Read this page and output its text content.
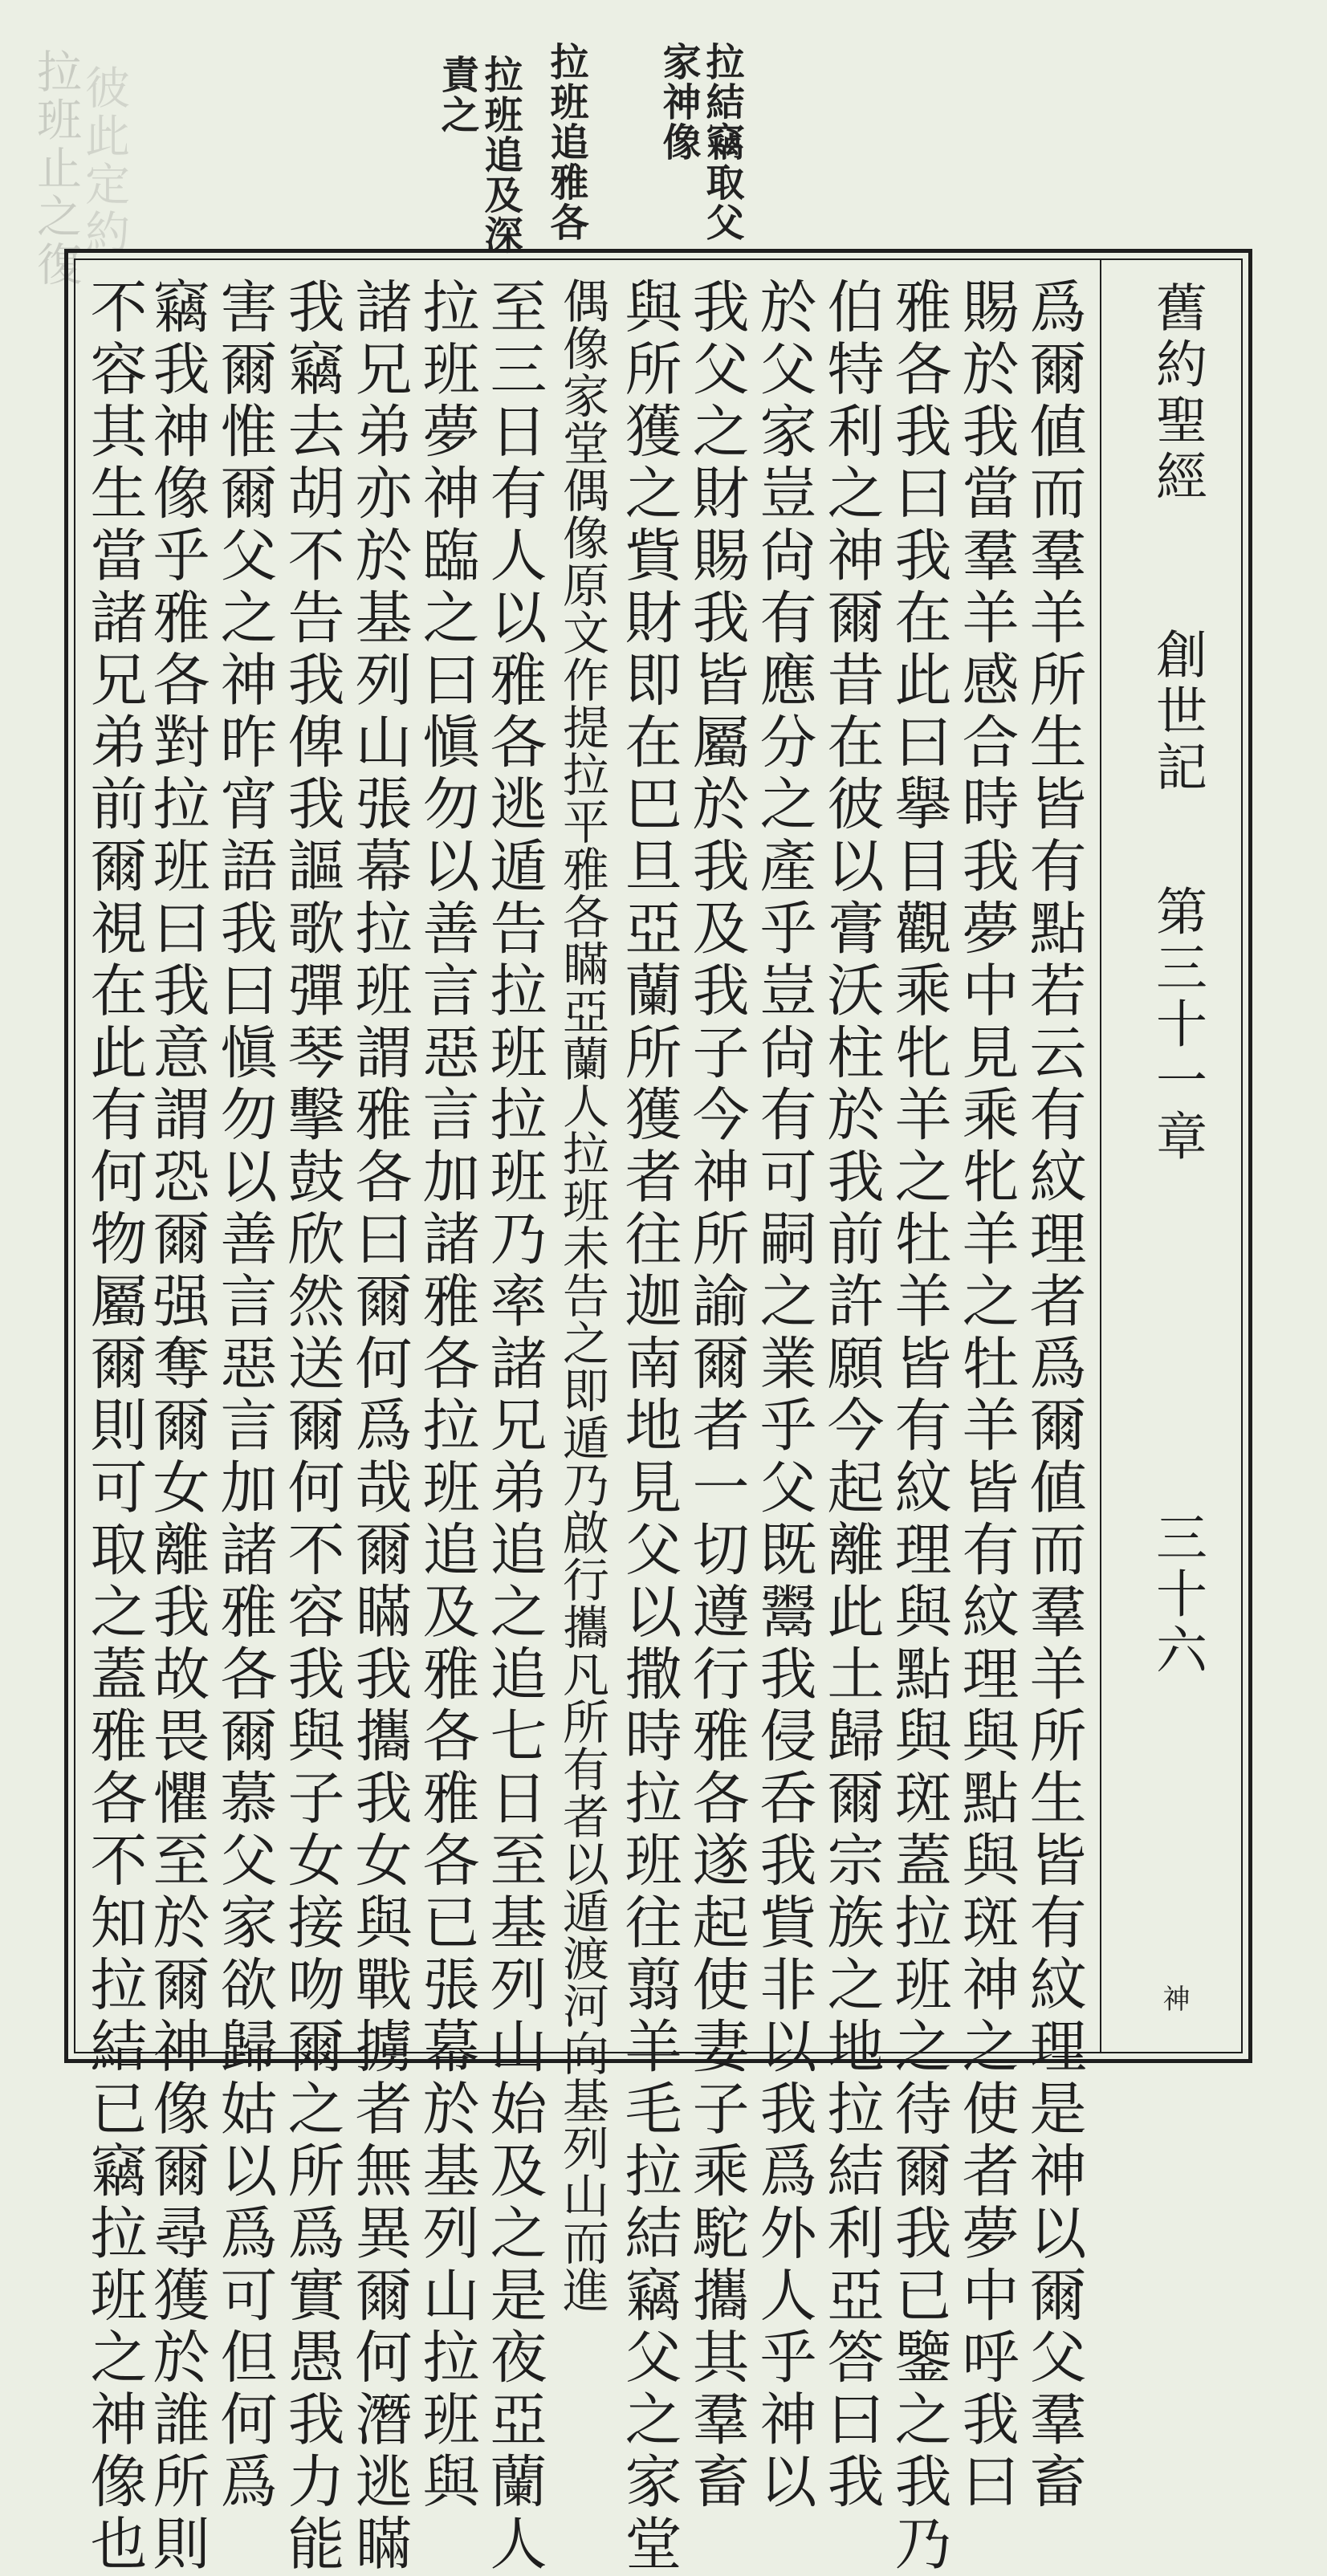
拉班止之復
彼此定約	拉結竊取父
家神像
拉班追雅各
拉班追及深
責之
舊約聖經
創世記
第三十一章
三十六
神
爲爾値而羣羊所生皆有點若云有紋理者爲爾値而羣羊所生皆有紋理是神以爾父羣畜
賜於我當羣羊感合時我夢中見乘牝羊之牡羊皆有紋理與點與斑神之使者夢中呼我曰
雅各我曰我在此曰擧目觀乘牝羊之牡羊皆有紋理與點與斑蓋拉班之待爾我已鑒之我乃
伯特利之神爾昔在彼以膏沃柱於我前許願今起離此土歸爾宗族之地拉結利亞答曰我
於父家豈尙有應分之產乎豈尙有可嗣之業乎父既鬻我侵呑我貲非以我爲外人乎神以
我父之財賜我皆屬於我及我子今神所諭爾者一切遵行雅各遂起使妻子乘駝攜其羣畜
與所獲之貲財即在巴旦亞蘭所獲者往迦南地見父以撒時拉班往翦羊毛拉結竊父之家堂
偶像家堂偶像原文作提拉平雅各瞞亞蘭人拉班未告之即遁乃啟行攜凡所有者以遁渡河向基列山而進
至三日有人以雅各逃遁告拉班拉班乃率諸兄弟追之追七日至基列山始及之是夜亞蘭人
拉班夢神臨之曰愼勿以善言惡言加諸雅各拉班追及雅各雅各已張幕於基列山拉班與
諸兄弟亦於基列山張幕拉班謂雅各曰爾何爲哉爾瞞我攜我女與戰擄者無異爾何潛逃瞞
我竊去胡不告我俾我謳歌彈琴擊鼓欣然送爾何不容我與子女接吻爾之所爲實愚我力能
害爾惟爾父之神昨宵語我曰愼勿以善言惡言加諸雅各爾慕父家欲歸姑以爲可但何爲
竊我神像乎雅各對拉班曰我意謂恐爾强奪爾女離我故畏懼至於爾神像爾尋獲於誰所則
不容其生當諸兄弟前爾視在此有何物屬爾則可取之蓋雅各不知拉結已竊拉班之神像也
